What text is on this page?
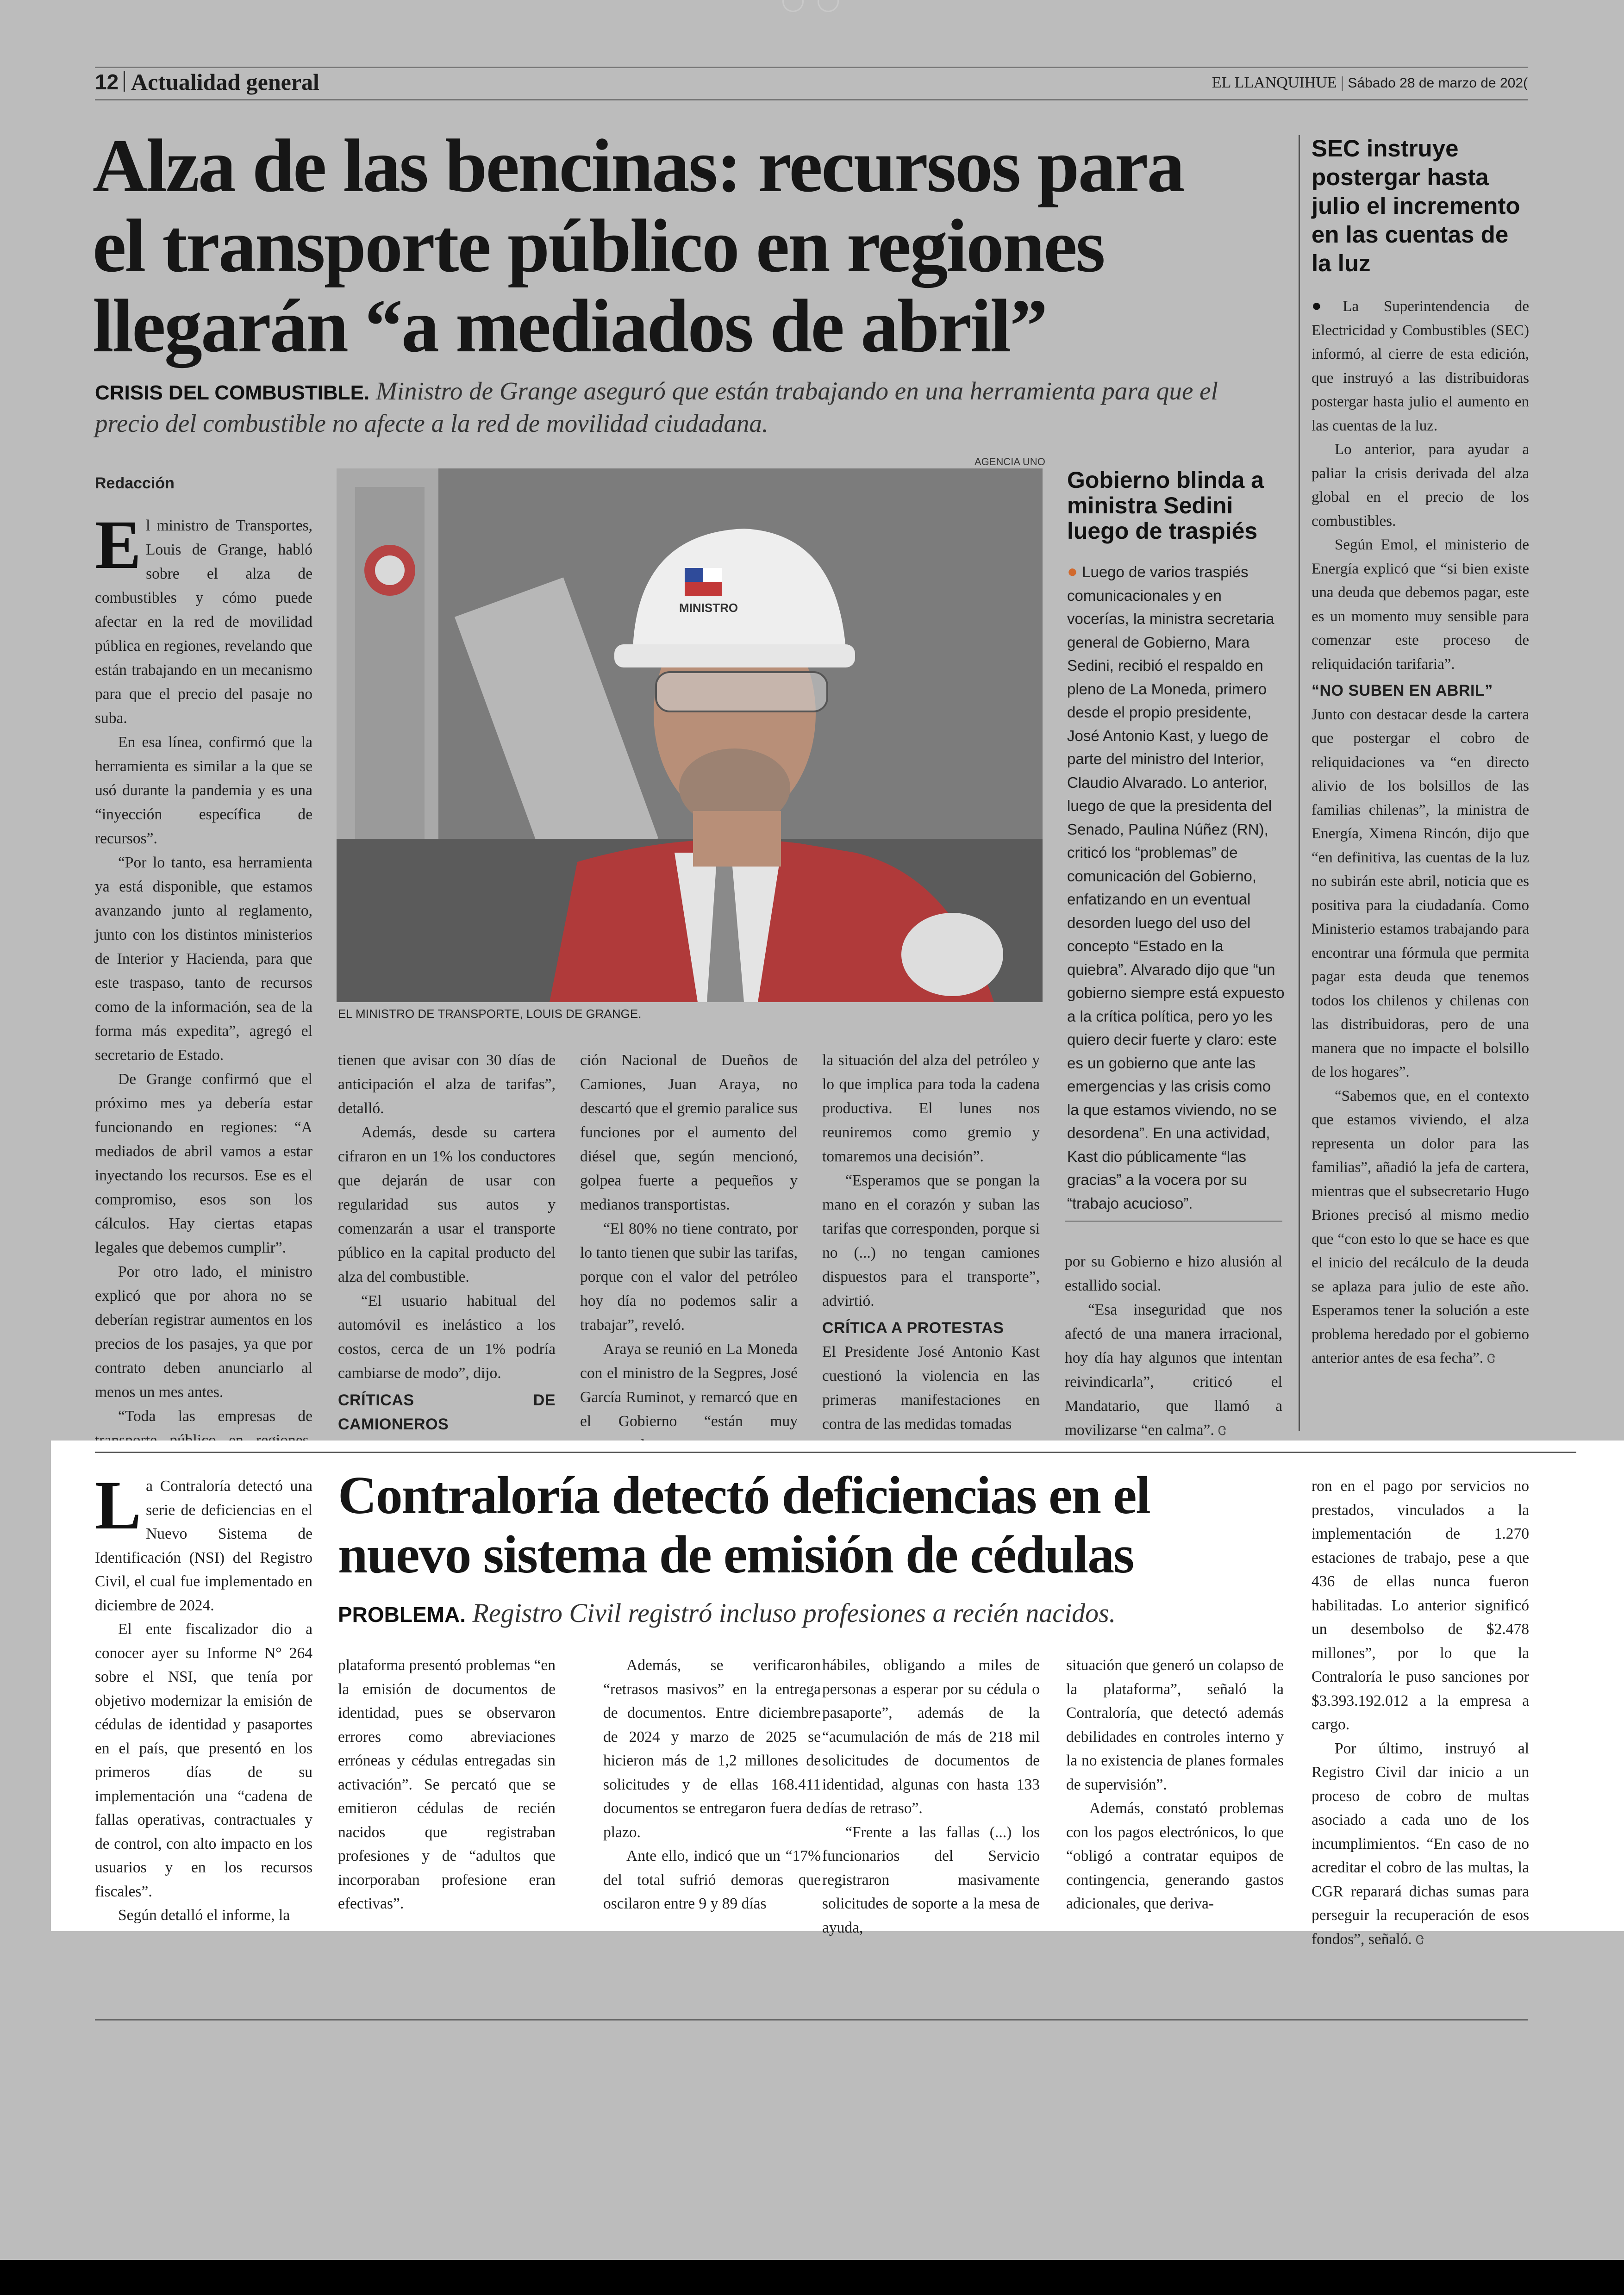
12 Actualidad general	EL LLANQUIHUE | Sábado 28 de marzo de 202(
Alza de las bencinas: recursos para
el transporte público en regiones
llegarán “a mediados de abril”
CRISIS DEL COMBUSTIBLE. Ministro de Grange aseguró que están trabajando en una herramienta para que el precio del combustible no afecte a la red de movilidad ciudadana.
Redacción

El ministro de Transportes, Louis de Grange, habló sobre el alza de combustibles y cómo puede afectar en la red de movilidad pública en regiones, revelando que están trabajando en un mecanismo para que el precio del pasaje no suba.

En esa línea, confirmó que la herramienta es similar a la que se usó durante la pandemia y es una “inyección específica de recursos”.

“Por lo tanto, esa herramienta ya está disponible, que estamos avanzando junto al reglamento, junto con los distintos ministerios de Interior y Hacienda, para que este traspaso, tanto de recursos como de la información, sea de la forma más expedita”, agregó el secretario de Estado.

De Grange confirmó que el próximo mes ya debería estar funcionando en regiones: “A mediados de abril vamos a estar inyectando los recursos. Ese es el compromiso, esos son los cálculos. Hay ciertas etapas legales que debemos cumplir”.

Por otro lado, el ministro explicó que por ahora no se deberían registrar aumentos en los precios de los pasajes, ya que por contrato deben anunciarlo al menos un mes antes.

“Toda las empresas de

AGENCIA UNO
MINISTRO
EL MINISTRO DE TRANSPORTE, LOUIS DE GRANGE.

tienen que avisar con 30 días de anticipación el alza de tarifas”, detalló.

Además, desde su cartera cifraron en un 1% los conductores que dejarán de usar con regularidad sus autos y comenzarán a usar el transporte público en la capital producto del alza del combustible.

“El usuario habitual del automóvil es inelástico a los costos, cerca de un 1% podría cambiarse de modo”, dijo.

CRÍTICAS DE CAMIONEROS

ción Nacional de Dueños de Camiones, Juan Araya, no descartó que el gremio paralice sus funciones por el aumento del diésel que, según mencionó, golpea fuerte a pequeños y medianos transportistas.

“El 80% no tiene contrato, por lo tanto tienen que subir las tarifas, porque con el valor del petróleo hoy día no podemos salir a trabajar”, reveló.

Araya se reunió en La Moneda con el ministro de la Segpres, José García Ruminot, y remarcó que en el Gobierno “están muy

la situación del alza del petróleo y lo que implica para toda la cadena productiva. El lunes nos reuniremos como gremio y tomaremos una decisión”.

“Esperamos que se pongan la mano en el corazón y suban las tarifas que corresponden, porque si no (...) no tengan camiones dispuestos para el transporte”, advirtió.

CRÍTICA A PROTESTAS

El Presidente José Antonio Kast cuestionó la violencia en las primeras manifestaciones en contra de las medidas tomadas

Gobierno blinda a ministra Sedini luego de traspiés

● Luego de varios traspiés comunicacionales y en vocerías, la ministra secretaria general de Gobierno, Mara Sedini, recibió el respaldo en pleno de La Moneda, primero desde el propio presidente, José Antonio Kast, y luego de parte del ministro del Interior, Claudio Alvarado. Lo anterior, luego de que la presidenta del Senado, Paulina Núñez (RN), criticó los “problemas” de comunicación del Gobierno, enfatizando en un eventual desorden luego del uso del concepto “Estado en la quiebra”. Alvarado dijo que “un gobierno siempre está expuesto a la crítica política, pero yo les quiero decir fuerte y claro: este es un gobierno que ante las emergencias y las crisis como la que estamos viviendo, no se desordena”. En una actividad, Kast dio públicamente “las gracias” a la vocera por su “trabajo acucioso”.

por su Gobierno e hizo alusión al estallido social.

“Esa inseguridad que nos afectó de una manera irracional, hoy día hay algunos que intentan reivindicarla”, criticó el Mandatario, que llamó a movilizarse “en calma”. Ꮳ

SEC instruye postergar hasta julio el incremento en las cuentas de la luz

●La Superintendencia de Electricidad y Combustibles (SEC) informó, al cierre de esta edición, que instruyó a las distribuidoras postergar hasta julio el aumento en las cuentas de la luz.

Lo anterior, para ayudar a paliar la crisis derivada del alza global en el precio de los combustibles.

Según Emol, el ministerio de Energía explicó que “si bien existe una deuda que debemos pagar, este es un momento muy sensible para comenzar este proceso de reliquidación tarifaria”.

“NO SUBEN EN ABRIL”

Junto con destacar desde la cartera que postergar el cobro de reliquidaciones va “en directo alivio de los bolsillos de las familias chilenas”, la ministra de Energía, Ximena Rincón, dijo que “en definitiva, las cuentas de la luz no subirán este abril, noticia que es positiva para la ciudadanía. Como Ministerio estamos trabajando para encontrar una fórmula que permita pagar esta deuda que tenemos todos los chilenos y chilenas con las distribuidoras, pero de una manera que no impacte el bolsillo de los hogares”.

“Sabemos que, en el contexto que estamos viviendo, el alza representa un dolor para las familias”, añadió la jefa de cartera, mientras que el subsecretario Hugo Briones precisó al mismo medio que “con esto lo que se hace es que el inicio del recálculo de la deuda se aplaza para julio de este año. Esperamos tener la solución a este problema heredado por el gobierno anterior antes de esa fecha”. Ꮳ

Contraloría detectó deficiencias en el
nuevo sistema de emisión de cédulas
PROBLEMA. Registro Civil registró incluso profesiones a recién nacidos.

La Contraloría detectó una serie de deficiencias en el Nuevo Sistema de Identificación (NSI) del Registro Civil, el cual fue implementado en diciembre de 2024.

El ente fiscalizador dio a conocer ayer su Informe N° 264 sobre el NSI, que tenía por objetivo modernizar la emisión de cédulas de identidad y pasaportes en el país, que presentó en los primeros días de su implementación una “cadena de fallas operativas, contractuales y de control, con alto impacto en los usuarios y en los recursos fiscales”.

Según detalló el informe, la

plataforma presentó problemas “en la emisión de documentos de identidad, pues se observaron errores como abreviaciones erróneas y cédulas entregadas sin activación”. Se percató que se emitieron cédulas de recién nacidos que registraban profesiones y de “adultos que incorporaban profesione eran efectivas”.

Además, se verificaron “retrasos masivos” en la entrega de documentos. Entre diciembre de 2024 y marzo de 2025 se hicieron más de 1,2 millones de solicitudes y de ellas 168.411 documentos se entregaron fuera de plazo.

Ante ello, indicó que un “17% del total sufrió demoras que oscilaron entre 9 y 89 días

hábiles, obligando a miles de personas a esperar por su cédula o pasaporte”, además de la “acumulación de más de 218 mil solicitudes de documentos de identidad, algunas con hasta 133 días de retraso”.

“Frente a las fallas (...) los funcionarios del Servicio registraron masivamente solicitudes de soporte a la mesa de ayuda,

situación que generó un colapso de la plataforma”, señaló la Contraloría, que detectó además debilidades en controles interno y la no existencia de planes formales de supervisión”.

Además, constató problemas con los pagos electrónicos, lo que “obligó a contratar equipos de contingencia, generando gastos adicionales, que deriva-

ron en el pago por servicios no prestados, vinculados a la implementación de 1.270 estaciones de trabajo, pese a que 436 de ellas nunca fueron habilitadas. Lo anterior significó un desembolso de $2.478 millones”, por lo que la Contraloría le puso sanciones por $3.393.192.012 a la empresa a cargo.

Por último, instruyó al Registro Civil dar inicio a un proceso de cobro de multas asociado a cada uno de los incumplimientos. “En caso de no acreditar el cobro de las multas, la CGR reparará dichas sumas para perseguir la recuperación de esos fondos”, señaló. Ꮳ
